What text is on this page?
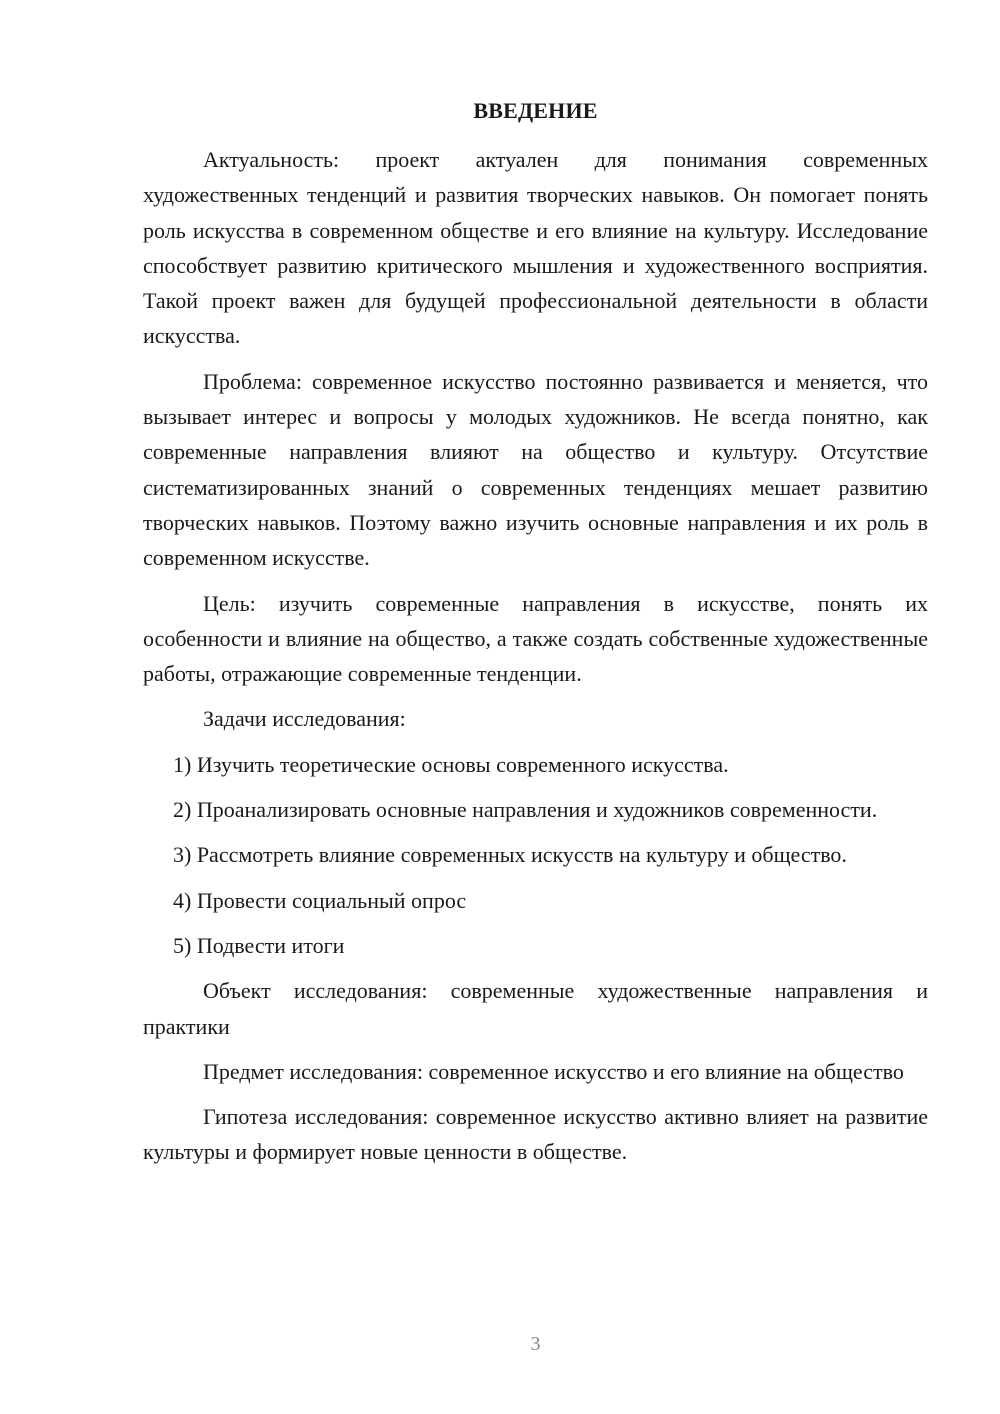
ВВЕДЕНИЕ

Актуальность: проект актуален для понимания современных художественных тенденций и развития творческих навыков. Он помогает понять роль искусства в современном обществе и его влияние на культуру. Исследование способствует развитию критического мышления и художественного восприятия. Такой проект важен для будущей профессиональной деятельности в области искусства.

Проблема: современное искусство постоянно развивается и меняется, что вызывает интерес и вопросы у молодых художников. Не всегда понятно, как современные направления влияют на общество и культуру. Отсутствие систематизированных знаний о современных тенденциях мешает развитию творческих навыков. Поэтому важно изучить основные направления и их роль в современном искусстве.

Цель: изучить современные направления в искусстве, понять их особенности и влияние на общество, а также создать собственные художественные работы, отражающие современные тенденции.

Задачи исследования:

1) Изучить теоретические основы современного искусства.

2) Проанализировать основные направления и художников современности.

3) Рассмотреть влияние современных искусств на культуру и общество.

4) Провести социальный опрос

5) Подвести итоги

Объект исследования: современные художественные направления и практики

Предмет исследования: современное искусство и его влияние на общество

Гипотеза исследования: современное искусство активно влияет на развитие культуры и формирует новые ценности в обществе.

3
